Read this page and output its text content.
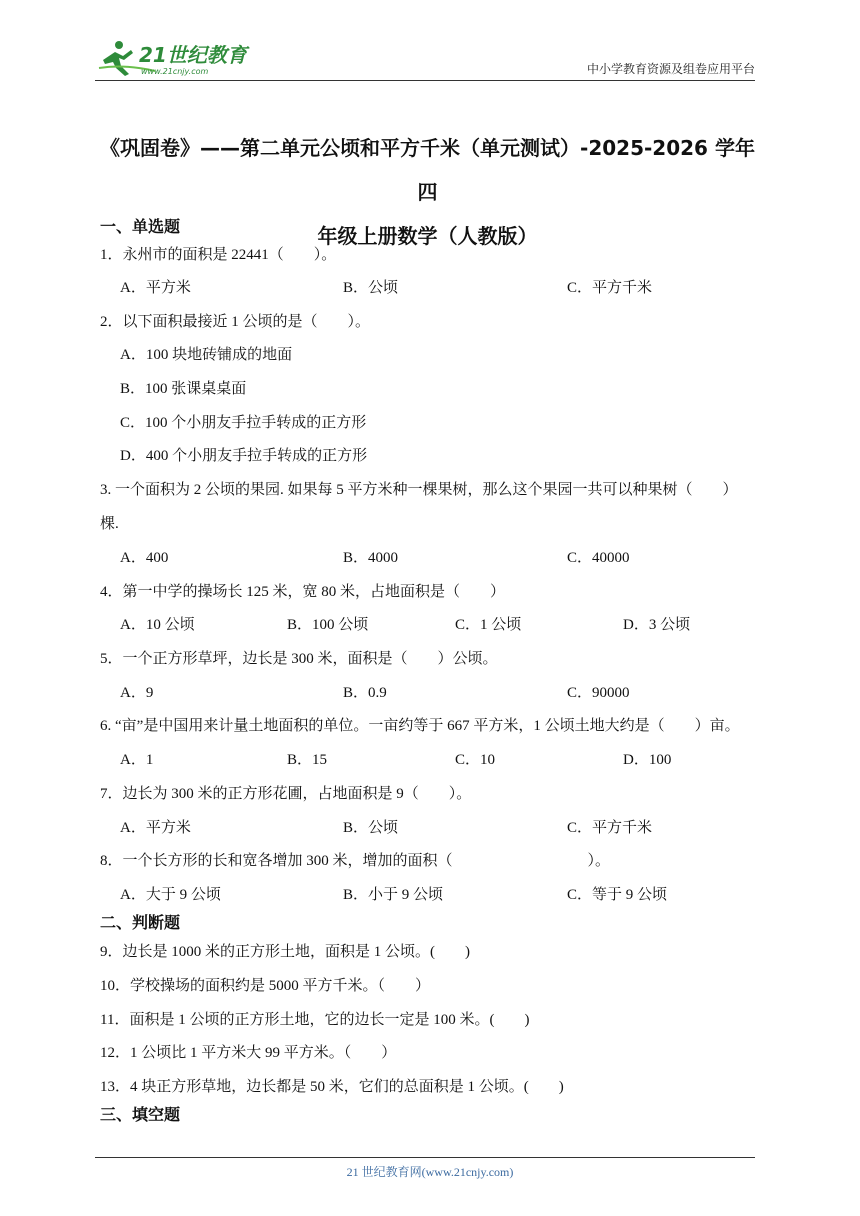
21世纪教育
www.21cnjy.com	中小学教育资源及组卷应用平台
《巩固卷》——第二单元公顷和平方千米（单元测试）-2025-2026 学年四
年级上册数学（人教版）
一、单选题
1．永州市的面积是 22441（　　）。
A．平方米	B．公顷	C．平方千米
2．以下面积最接近 1 公顷的是（　　）。
A．100 块地砖铺成的地面
B．100 张课桌桌面
C．100 个小朋友手拉手转成的正方形
D．400 个小朋友手拉手转成的正方形
3. 一个面积为 2 公顷的果园. 如果每 5 平方米种一棵果树，那么这个果园一共可以种果树（　　）
棵.
A．400	B．4000	C．40000
4．第一中学的操场长 125 米，宽 80 米，占地面积是（　　）
A．10 公顷	B．100 公顷	C．1 公顷	D．3 公顷
5．一个正方形草坪，边长是 300 米，面积是（　　）公顷。
A．9	B．0.9	C．90000
6. “亩”是中国用来计量土地面积的单位。一亩约等于 667 平方米，1 公顷土地大约是（　　）亩。
A．1	B．15	C．10	D．100
7．边长为 300 米的正方形花圃，占地面积是 9（　　）。
A．平方米	B．公顷	C．平方千米
8．一个长方形的长和宽各增加 300 米，增加的面积（　　　　　　　　　）。
A．大于 9 公顷	B．小于 9 公顷	C．等于 9 公顷
二、判断题
9．边长是 1000 米的正方形土地，面积是 1 公顷。(　　)
10．学校操场的面积约是 5000 平方千米。（　　）
11．面积是 1 公顷的正方形土地，它的边长一定是 100 米。(　　)
12．1 公顷比 1 平方米大 99 平方米。（　　）
13．4 块正方形草地，边长都是 50 米，它们的总面积是 1 公顷。(　　)
三、填空题
21 世纪教育网(www.21cnjy.com)
